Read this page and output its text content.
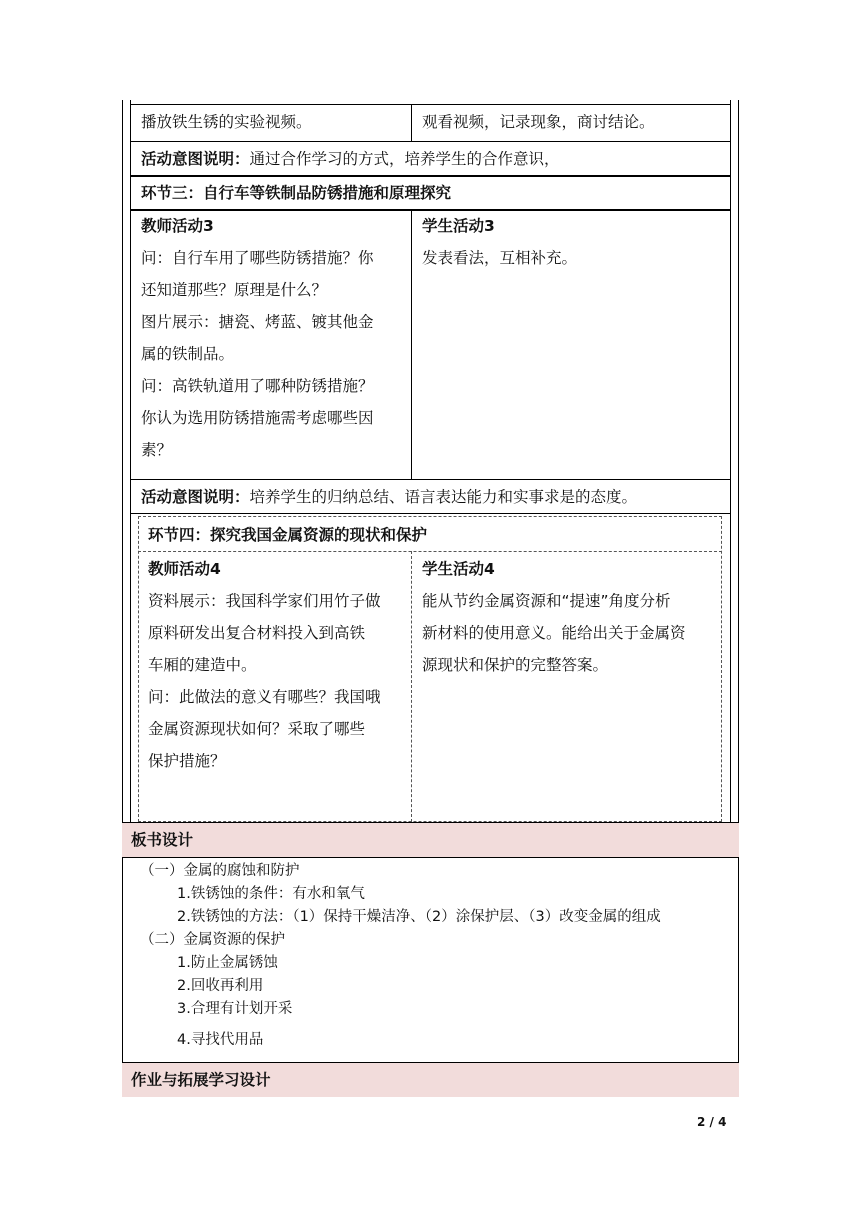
播放铁生锈的实验视频。	观看视频，记录现象，商讨结论。
活动意图说明：通过合作学习的方式，培养学生的合作意识，
环节三：自行车等铁制品防锈措施和原理探究
教师活动3
问：自行车用了哪些防锈措施？你
还知道那些？原理是什么？
图片展示：搪瓷、烤蓝、镀其他金
属的铁制品。
问：高铁轨道用了哪种防锈措施？
你认为选用防锈措施需考虑哪些因
素？
学生活动3
发表看法，互相补充。
活动意图说明：培养学生的归纳总结、语言表达能力和实事求是的态度。
环节四：探究我国金属资源的现状和保护
教师活动4
资料展示：我国科学家们用竹子做
原料研发出复合材料投入到高铁
车厢的建造中。
问：此做法的意义有哪些？我国哦
金属资源现状如何？采取了哪些
保护措施？
学生活动4
能从节约金属资源和“提速”角度分析
新材料的使用意义。能给出关于金属资
源现状和保护的完整答案。
板书设计
（一）金属的腐蚀和防护
1.铁锈蚀的条件：有水和氧气
2.铁锈蚀的方法：（1）保持干燥洁净、（2）涂保护层、（3）改变金属的组成
（二）金属资源的保护
1.防止金属锈蚀
2.回收再利用
3.合理有计划开采
4.寻找代用品
作业与拓展学习设计
2 / 4
